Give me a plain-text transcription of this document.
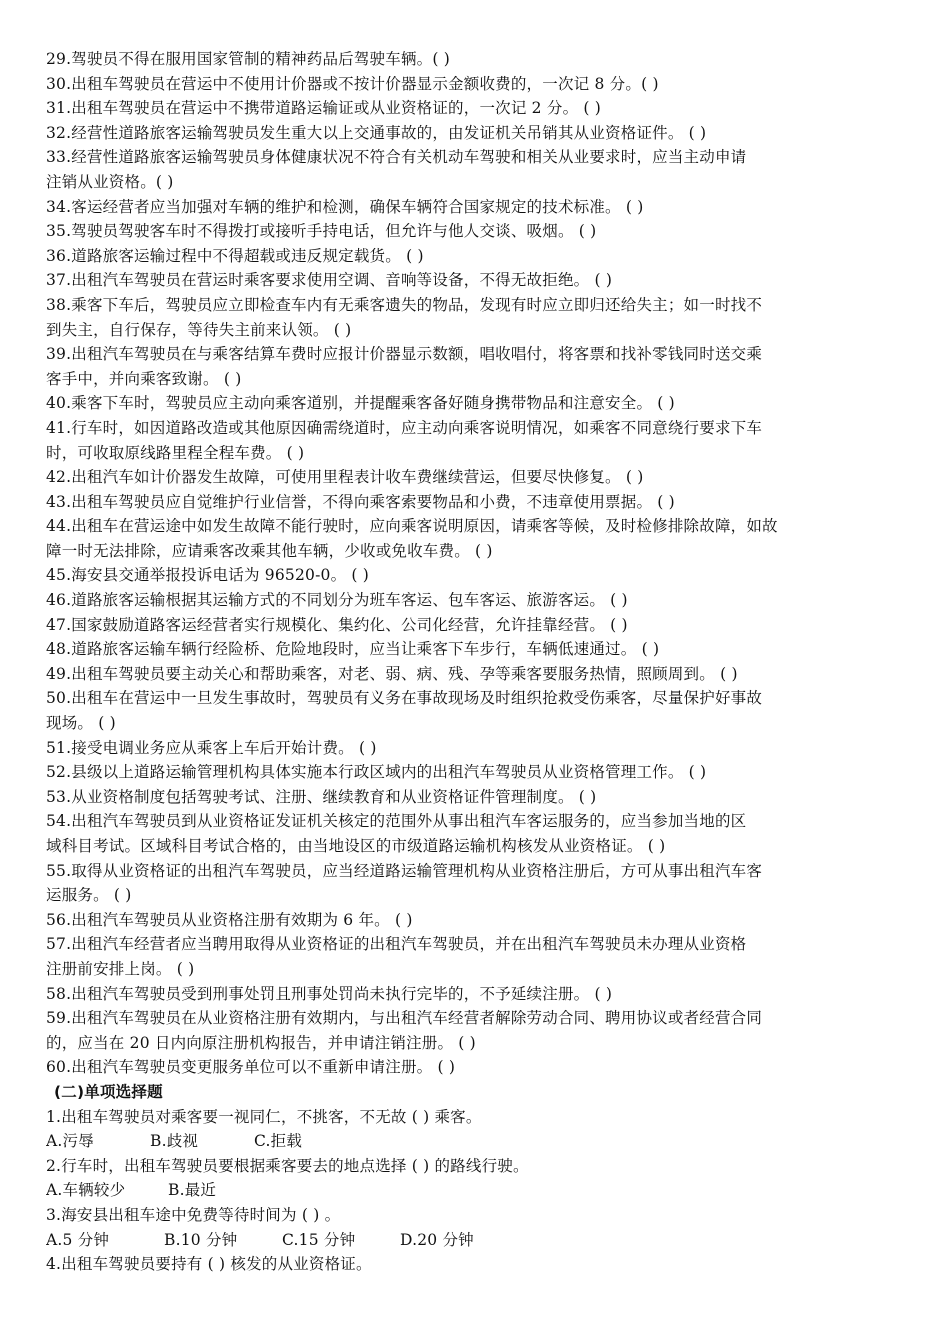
29.驾驶员不得在服用国家管制的精神药品后驾驶车辆。( )
30.出租车驾驶员在营运中不使用计价器或不按计价器显示金额收费的，一次记 8 分。( )
31.出租车驾驶员在营运中不携带道路运输证或从业资格证的，一次记 2 分。 ( )
32.经营性道路旅客运输驾驶员发生重大以上交通事故的，由发证机关吊销其从业资格证件。 ( )
33.经营性道路旅客运输驾驶员身体健康状况不符合有关机动车驾驶和相关从业要求时，应当主动申请
注销从业资格。( )
34.客运经营者应当加强对车辆的维护和检测，确保车辆符合国家规定的技术标准。 ( )
35.驾驶员驾驶客车时不得拨打或接听手持电话，但允许与他人交谈、吸烟。 ( )
36.道路旅客运输过程中不得超载或违反规定载货。 ( )
37.出租汽车驾驶员在营运时乘客要求使用空调、音响等设备，不得无故拒绝。 ( )
38.乘客下车后，驾驶员应立即检查车内有无乘客遗失的物品，发现有时应立即归还给失主；如一时找不
到失主，自行保存，等待失主前来认领。 ( )
39.出租汽车驾驶员在与乘客结算车费时应报计价器显示数额，唱收唱付，将客票和找补零钱同时送交乘
客手中，并向乘客致谢。 ( )
40.乘客下车时，驾驶员应主动向乘客道别，并提醒乘客备好随身携带物品和注意安全。 ( )
41.行车时，如因道路改造或其他原因确需绕道时，应主动向乘客说明情况，如乘客不同意绕行要求下车
时，可收取原线路里程全程车费。 ( )
42.出租汽车如计价器发生故障，可使用里程表计收车费继续营运，但要尽快修复。 ( )
43.出租车驾驶员应自觉维护行业信誉，不得向乘客索要物品和小费，不违章使用票据。 ( )
44.出租车在营运途中如发生故障不能行驶时，应向乘客说明原因，请乘客等候，及时检修排除故障，如故
障一时无法排除，应请乘客改乘其他车辆，少收或免收车费。 ( )
45.海安县交通举报投诉电话为 96520-0。 ( )
46.道路旅客运输根据其运输方式的不同划分为班车客运、包车客运、旅游客运。 ( )
47.国家鼓励道路客运经营者实行规模化、集约化、公司化经营，允许挂靠经营。 ( )
48.道路旅客运输车辆行经险桥、危险地段时，应当让乘客下车步行，车辆低速通过。 ( )
49.出租车驾驶员要主动关心和帮助乘客，对老、弱、病、残、孕等乘客要服务热情，照顾周到。 ( )
50.出租车在营运中一旦发生事故时，驾驶员有义务在事故现场及时组织抢救受伤乘客，尽量保护好事故
现场。 ( )
51.接受电调业务应从乘客上车后开始计费。 ( )
52.县级以上道路运输管理机构具体实施本行政区域内的出租汽车驾驶员从业资格管理工作。 ( )
53.从业资格制度包括驾驶考试、注册、继续教育和从业资格证件管理制度。 ( )
54.出租汽车驾驶员到从业资格证发证机关核定的范围外从事出租汽车客运服务的，应当参加当地的区
域科目考试。区域科目考试合格的，由当地设区的市级道路运输机构核发从业资格证。 ( )
55.取得从业资格证的出租汽车驾驶员，应当经道路运输管理机构从业资格注册后，方可从事出租汽车客
运服务。 ( )
56.出租汽车驾驶员从业资格注册有效期为 6 年。 ( )
57.出租汽车经营者应当聘用取得从业资格证的出租汽车驾驶员，并在出租汽车驾驶员未办理从业资格
注册前安排上岗。 ( )
58.出租汽车驾驶员受到刑事处罚且刑事处罚尚未执行完毕的，不予延续注册。 ( )
59.出租汽车驾驶员在从业资格注册有效期内，与出租汽车经营者解除劳动合同、聘用协议或者经营合同
的，应当在 20 日内向原注册机构报告，并申请注销注册。 ( )
60.出租汽车驾驶员变更服务单位可以不重新申请注册。 ( )
(二)单项选择题
1.出租车驾驶员对乘客要一视同仁，不挑客，不无故 ( ) 乘客。
A.污辱	B.歧视	C.拒载
2.行车时，出租车驾驶员要根据乘客要去的地点选择 ( ) 的路线行驶。
A.车辆较少	B.最近
3.海安县出租车途中免费等待时间为 ( ) 。
A.5 分钟	B.10 分钟	C.15 分钟	D.20 分钟
4.出租车驾驶员要持有 ( ) 核发的从业资格证。
